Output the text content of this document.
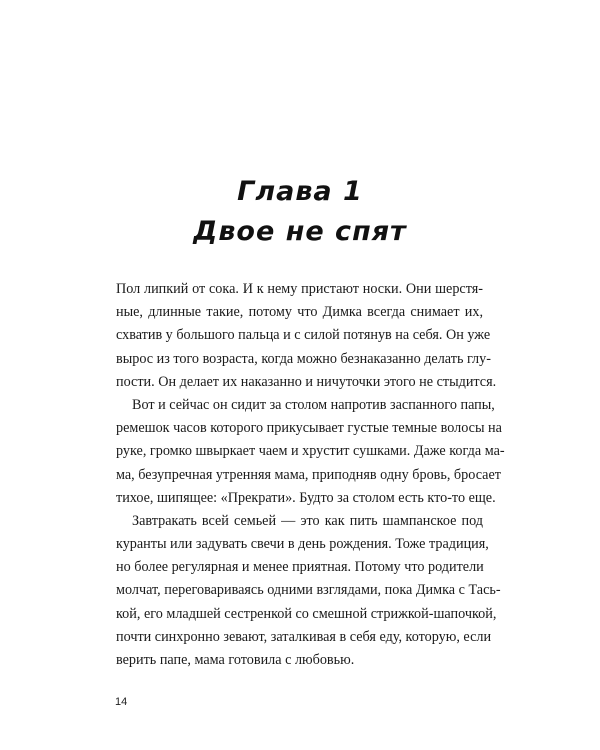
Глава 1
Двое не спят
Пол липкий от сока. И к нему пристают носки. Они шерстя-
ные, длинные такие, потому что Димка всегда снимает их,
схватив у большого пальца и с силой потянув на себя. Он уже
вырос из того возраста, когда можно безнаказанно делать глу-
пости. Он делает их наказанно и ничуточки этого не стыдится.
Вот и сейчас он сидит за столом напротив заспанного папы,
ремешок часов которого прикусывает густые темные волосы на
руке, громко швыркает чаем и хрустит сушками. Даже когда ма-
ма, безупречная утренняя мама, приподняв одну бровь, бросает
тихое, шипящее: «Прекрати». Будто за столом есть кто-то еще.
Завтракать всей семьей — это как пить шампанское под
куранты или задувать свечи в день рождения. Тоже традиция,
но более регулярная и менее приятная. Потому что родители
молчат, переговариваясь одними взглядами, пока Димка с Тась-
кой, его младшей сестренкой со смешной стрижкой-шапочкой,
почти синхронно зевают, заталкивая в себя еду, которую, если
верить папе, мама готовила с любовью.
14
